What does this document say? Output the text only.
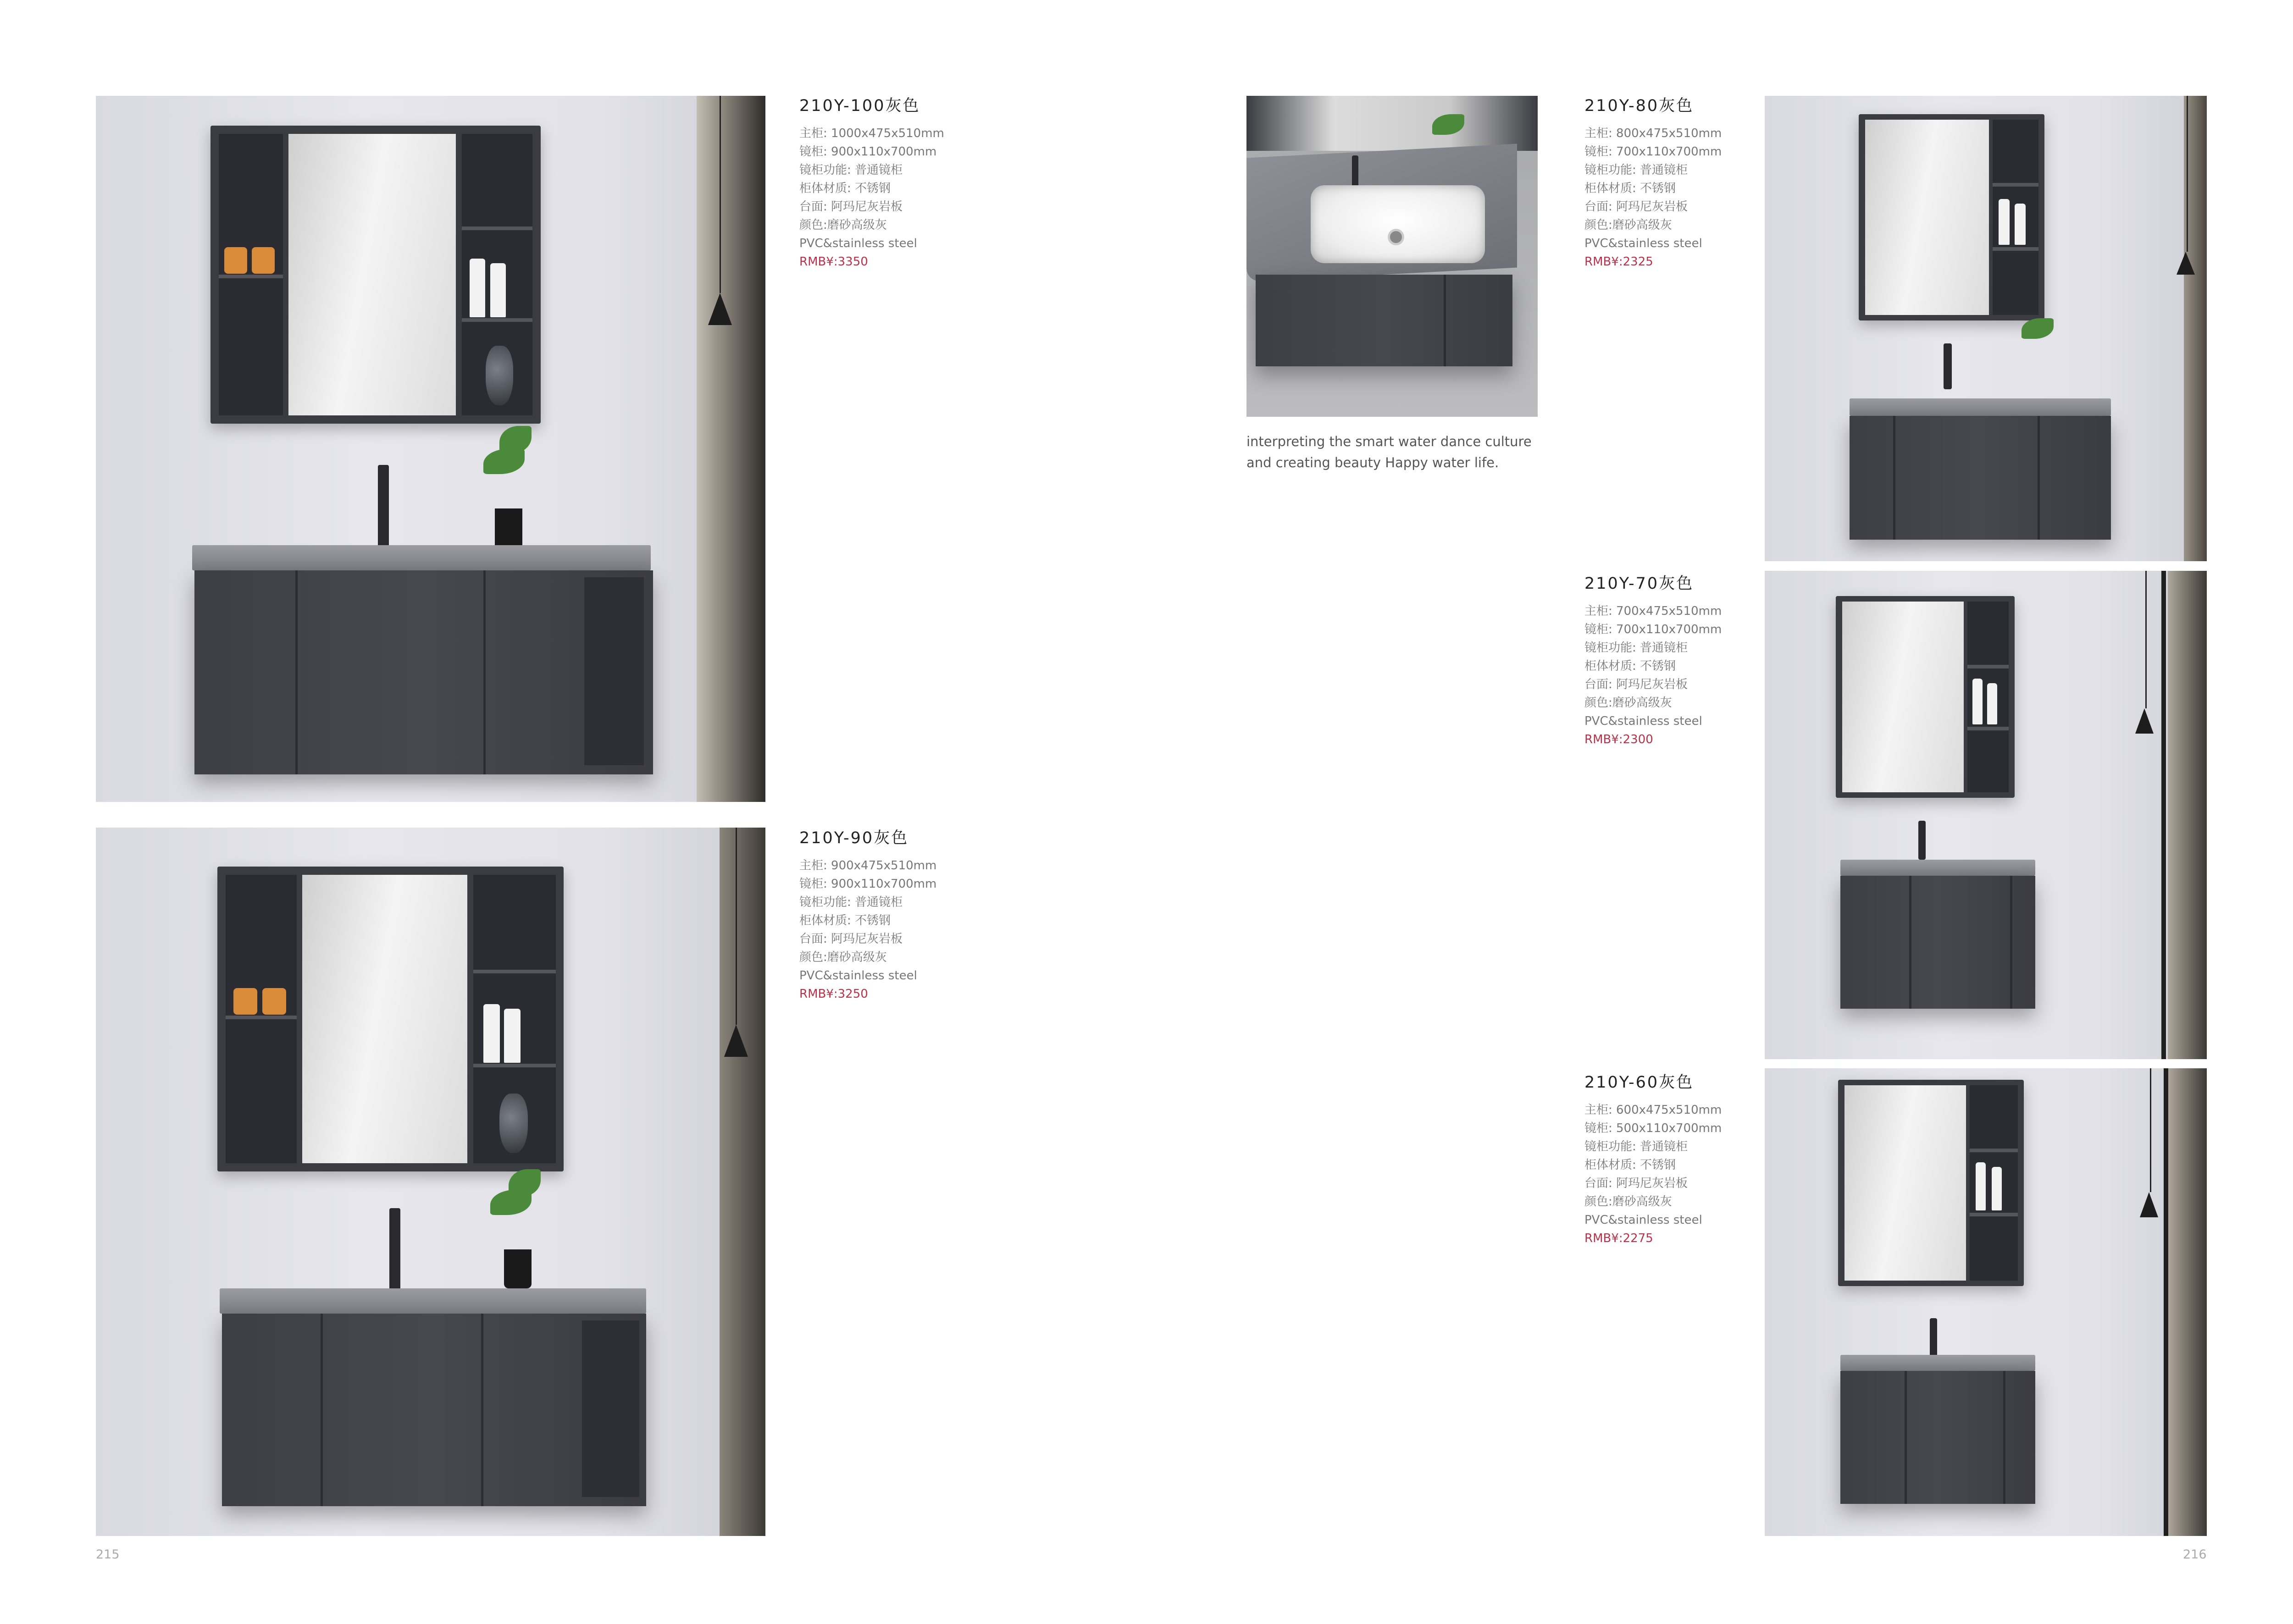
210Y-100灰色
主柜: 1000x475x510mm
镜柜: 900x110x700mm
镜柜功能: 普通镜柜
柜体材质: 不锈钢
台面: 阿玛尼灰岩板
颜色:磨砂高级灰
PVC&stainless steel
RMB¥:3350
210Y-90灰色
主柜: 900x475x510mm
镜柜: 900x110x700mm
镜柜功能: 普通镜柜
柜体材质: 不锈钢
台面: 阿玛尼灰岩板
颜色:磨砂高级灰
PVC&stainless steel
RMB¥:3250
215
interpreting the smart water dance culture
and creating beauty Happy water life.
210Y-80灰色
主柜: 800x475x510mm
镜柜: 700x110x700mm
镜柜功能: 普通镜柜
柜体材质: 不锈钢
台面: 阿玛尼灰岩板
颜色:磨砂高级灰
PVC&stainless steel
RMB¥:2325
210Y-70灰色
主柜: 700x475x510mm
镜柜: 700x110x700mm
镜柜功能: 普通镜柜
柜体材质: 不锈钢
台面: 阿玛尼灰岩板
颜色:磨砂高级灰
PVC&stainless steel
RMB¥:2300
210Y-60灰色
主柜: 600x475x510mm
镜柜: 500x110x700mm
镜柜功能: 普通镜柜
柜体材质: 不锈钢
台面: 阿玛尼灰岩板
颜色:磨砂高级灰
PVC&stainless steel
RMB¥:2275
216
